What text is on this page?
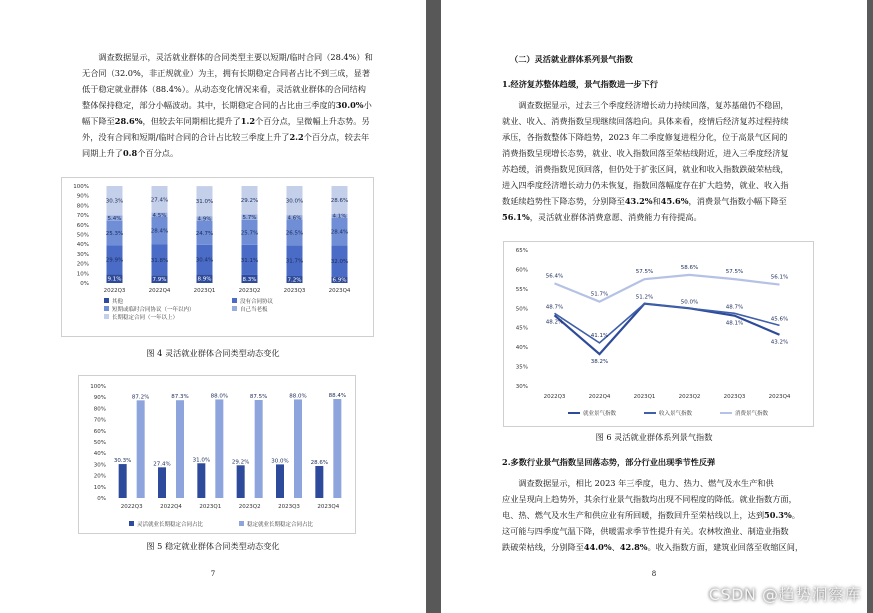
调查数据显示，灵活就业群体的合同类型主要以短期/临时合同（28.4%）和

无合同（32.0%，非正规就业）为主，拥有长期稳定合同者占比不到三成，显著

低于稳定就业群体（88.4%）。从动态变化情况来看，灵活就业群体的合同结构

整体保持稳定，部分小幅波动。其中，长期稳定合同的占比由三季度的30.0%小

幅下降至28.6%，但较去年同期相比提升了1.2个百分点，呈微幅上升态势。另

外，没有合同和短期/临时合同的合计占比较三季度上升了2.2个百分点，较去年

同期上升了0.8个百分点。

0%
10%
20%
30%
40%
50%
60%
70%
80%
90%
100%
9.1%
29.9%
25.3%
5.4%
30.3%
2022Q3
7.9%
31.8%
28.4%
4.5%
27.4%
2022Q4
8.9%
30.4%
24.7%
4.9%
31.0%
2023Q1
8.3%
31.1%
25.7%
5.7%
29.2%
2023Q2
7.2%
31.7%
26.5%
4.6%
30.0%
2023Q3
6.9%
32.0%
28.4%
4.1%
28.6%
2023Q4
其他	没有合同协议
短期或临时合同协议（一年以内）	自己当老板
长期稳定合同（一年以上）
图 4 灵活就业群体合同类型动态变化
0%
10%
20%
30%
40%
50%
60%
70%
80%
90%
100%
30.3%
87.2%
2022Q3
27.4%
87.3%
2022Q4
31.0%
88.0%
2023Q1
29.2%
87.5%
2023Q2
30.0%
88.0%
2023Q3
28.6%
88.4%
2023Q4
灵活就业长期稳定合同占比	稳定就业长期稳定合同占比
图 5 稳定就业群体合同类型动态变化
7

（二）灵活就业群体系列景气指数

1.经济复苏整体趋缓，景气指数进一步下行

调查数据显示，过去三个季度经济增长动力持续回落，复苏基础仍不稳固，

就业、收入、消费指数呈现继续回落趋向。具体来看，疫情后经济复苏过程持续

承压，各指数整体下降趋势，2023 年二季度修复进程分化，位于高景气区间的

消费指数呈现增长态势，就业、收入指数回落至荣枯线附近，进入三季度经济复

苏趋缓，消费指数见顶回落，但仍处于扩张区间，就业和收入指数跌破荣枯线，

进入四季度经济增长动力仍未恢复，指数回落幅度存在扩大趋势，就业、收入指

数延续趋势性下降态势，分别降至43.2%和45.6%，消费景气指数小幅下降至

56.1%，灵活就业群体消费意愿、消费能力有待提高。

30%
35%
40%
45%
50%
55%
60%
65%
2022Q3	2022Q4	2023Q1	2023Q2	2023Q3	2023Q4
48.2%
38.2%
48.1%
43.2%
48.7%
41.1%
51.2%
50.0%
48.7%
45.6%
56.4%
51.7%
57.5%
58.6%
57.5%
56.1%
就业景气指数	收入景气指数	消费景气指数
图 6 灵活就业群体系列景气指数

2.多数行业景气指数呈回落态势，部分行业出现季节性反弹

调查数据显示，相比 2023 年三季度，电力、热力、燃气及水生产和供

应业呈现向上趋势外，其余行业景气指数均出现不同程度的降低。就业指数方面，

电、热、燃气及水生产和供应业有所回暖，指数回升至荣枯线以上，达到50.3%。

这可能与四季度气温下降，供暖需求季节性提升有关。农林牧渔业、制造业指数

跌破荣枯线，分别降至44.0%、42.8%。收入指数方面，建筑业回落至收缩区间，

8
CSDN @趋势洞察库
